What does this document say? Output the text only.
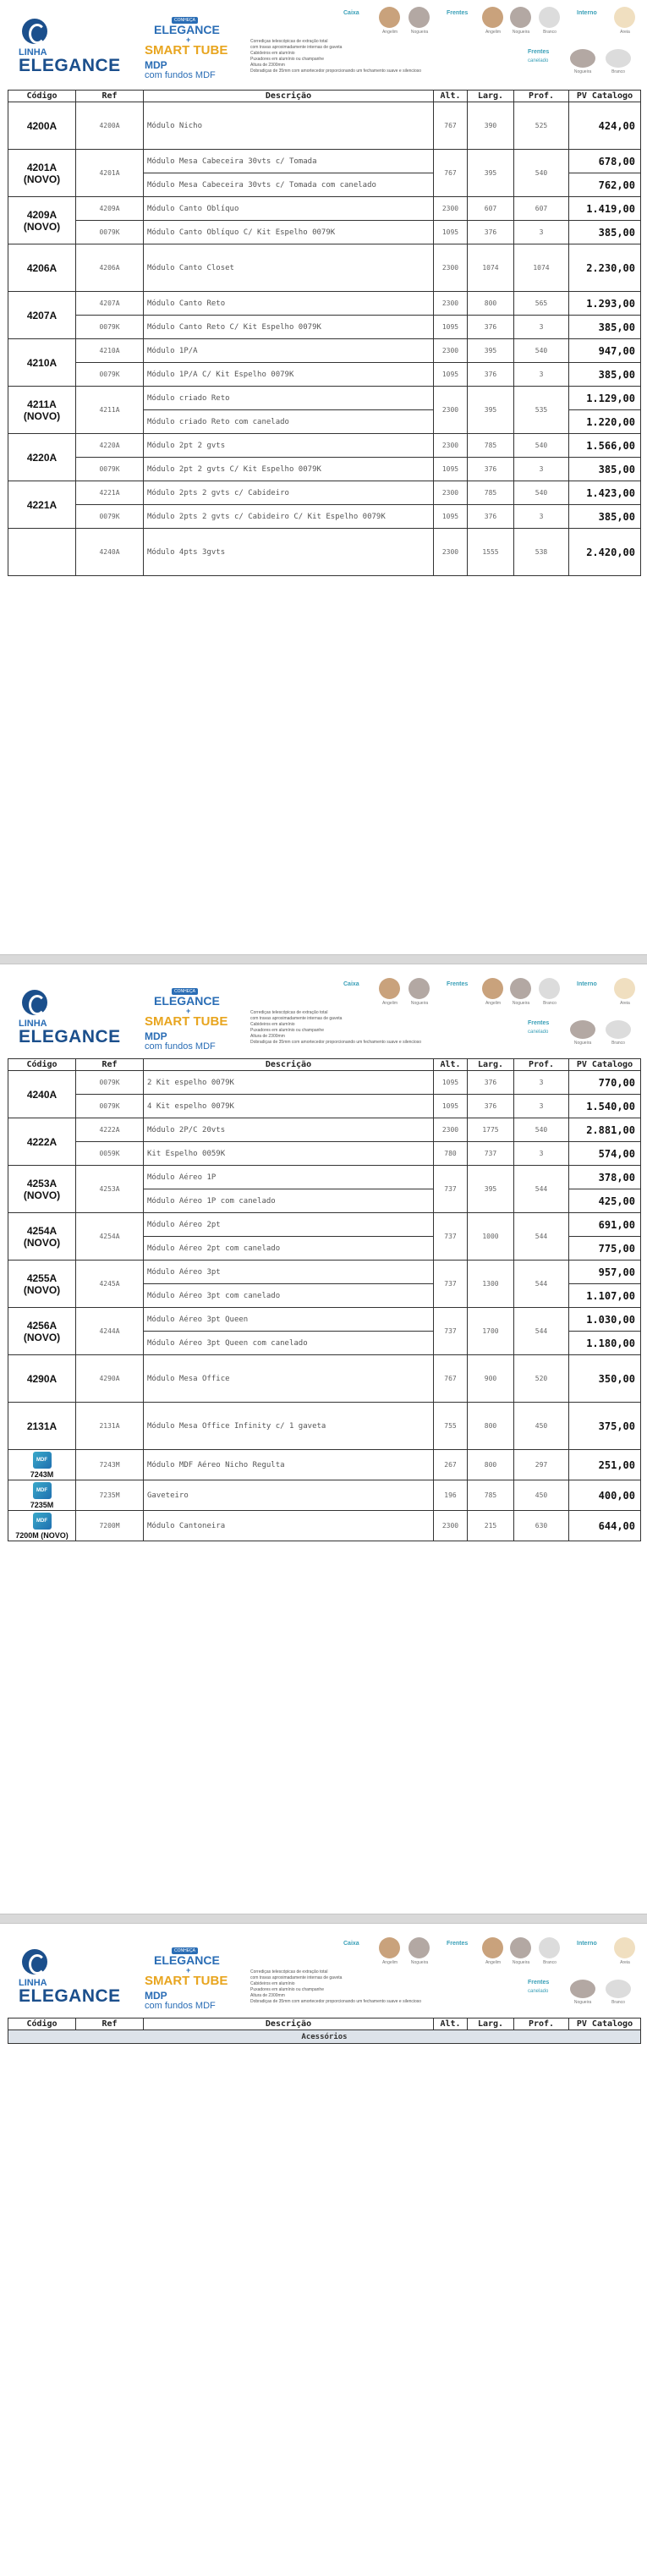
LINHA
ELEGANCE
CONHEÇA
ELEGANCE
+
SMART TUBE
MDP
com fundos MDF
Corrediças telescópicas de extração total
com travas aproximadamente internas de gaveta
Cabideiros em alumínio
Puxadores em alumínio ou champanhe
Altura de 2300mm
Dobradiças de 35mm com amortecedor proporcionando um fechamento suave e silencioso
Caixa	Frentes	Interno
Frentes
canelado
Angelim	Nogueira	Angelim	Nogueira	Branco	Areia
Nogueira	Branco
Código	Ref	Descrição	Alt.	Larg.	Prof.	PV Catalogo
4200A	4200A	Módulo Nicho	767	390	525	424,00
4201A (NOVO)	4201A	Módulo Mesa Cabeceira 30vts c/ Tomada	767	395	540	678,00
		Módulo Mesa Cabeceira 30vts c/ Tomada com canelado				762,00
4209A (NOVO)	4209A	Módulo Canto Oblíquo	2300	607	607	1.419,00
	0079K	Módulo Canto Oblíquo C/ Kit Espelho 0079K	1095	376	3	385,00
4206A	4206A	Módulo Canto Closet	2300	1074	1074	2.230,00
4207A	4207A	Módulo Canto Reto	2300	800	565	1.293,00
	0079K	Módulo Canto Reto C/ Kit Espelho 0079K	1095	376	3	385,00
4210A	4210A	Módulo 1P/A	2300	395	540	947,00
	0079K	Módulo 1P/A C/ Kit Espelho 0079K	1095	376	3	385,00
4211A (NOVO)	4211A	Módulo criado Reto	2300	395	535	1.129,00
		Módulo criado Reto com canelado				1.220,00
4220A	4220A	Módulo 2pt 2 gvts	2300	785	540	1.566,00
	0079K	Módulo 2pt 2 gvts C/ Kit Espelho 0079K	1095	376	3	385,00
4221A	4221A	Módulo 2pts 2 gvts c/ Cabideiro	2300	785	540	1.423,00
	0079K	Módulo 2pts 2 gvts c/ Cabideiro C/ Kit Espelho 0079K	1095	376	3	385,00
	4240A	Módulo 4pts 3gvts	2300	1555	538	2.420,00
LINHA
ELEGANCE
CONHEÇA
ELEGANCE
+
SMART TUBE
MDP
com fundos MDF
Corrediças telescópicas de extração total
com travas aproximadamente internas de gaveta
Cabideiros em alumínio
Puxadores em alumínio ou champanhe
Altura de 2300mm
Dobradiças de 35mm com amortecedor proporcionando um fechamento suave e silencioso
Caixa	Frentes	Interno
Frentes
canelado
Angelim	Nogueira	Angelim	Nogueira	Branco	Areia
Nogueira	Branco
Código	Ref	Descrição	Alt.	Larg.	Prof.	PV Catalogo
4240A	0079K	2 Kit espelho 0079K	1095	376	3	770,00
	0079K	4 Kit espelho 0079K	1095	376	3	1.540,00
4222A	4222A	Módulo 2P/C 20vts	2300	1775	540	2.881,00
	0059K	Kit Espelho 0059K	780	737	3	574,00
4253A (NOVO)	4253A	Módulo Aéreo 1P	737	395	544	378,00
		Módulo Aéreo 1P com canelado				425,00
4254A (NOVO)	4254A	Módulo Aéreo 2pt	737	1000	544	691,00
		Módulo Aéreo 2pt com canelado				775,00
4255A (NOVO)	4245A	Módulo Aéreo 3pt	737	1300	544	957,00
		Módulo Aéreo 3pt com canelado				1.107,00
4256A (NOVO)	4244A	Módulo Aéreo 3pt Queen	737	1700	544	1.030,00
		Módulo Aéreo 3pt Queen com canelado				1.180,00
4290A	4290A	Módulo Mesa Office	767	900	520	350,00
2131A	2131A	Módulo Mesa Office Infinity c/ 1 gaveta	755	800	450	375,00
MDF
7243M	7243M	Módulo MDF Aéreo Nicho Regulta	267	800	297	251,00
MDF
7235M	7235M	Gaveteiro	196	785	450	400,00
MDF
7200M (NOVO)	7200M	Módulo Cantoneira	2300	215	630	644,00
LINHA
ELEGANCE
CONHEÇA
ELEGANCE
+
SMART TUBE
MDP
com fundos MDF
Corrediças telescópicas de extração total
com travas aproximadamente internas de gaveta
Cabideiros em alumínio
Puxadores em alumínio ou champanhe
Altura de 2300mm
Dobradiças de 35mm com amortecedor proporcionando um fechamento suave e silencioso
Caixa	Frentes	Interno
Frentes
canelado
Angelim	Nogueira	Angelim	Nogueira	Branco	Areia
Nogueira	Branco
Código	Ref	Descrição	Alt.	Larg.	Prof.	PV Catalogo
Acessórios
